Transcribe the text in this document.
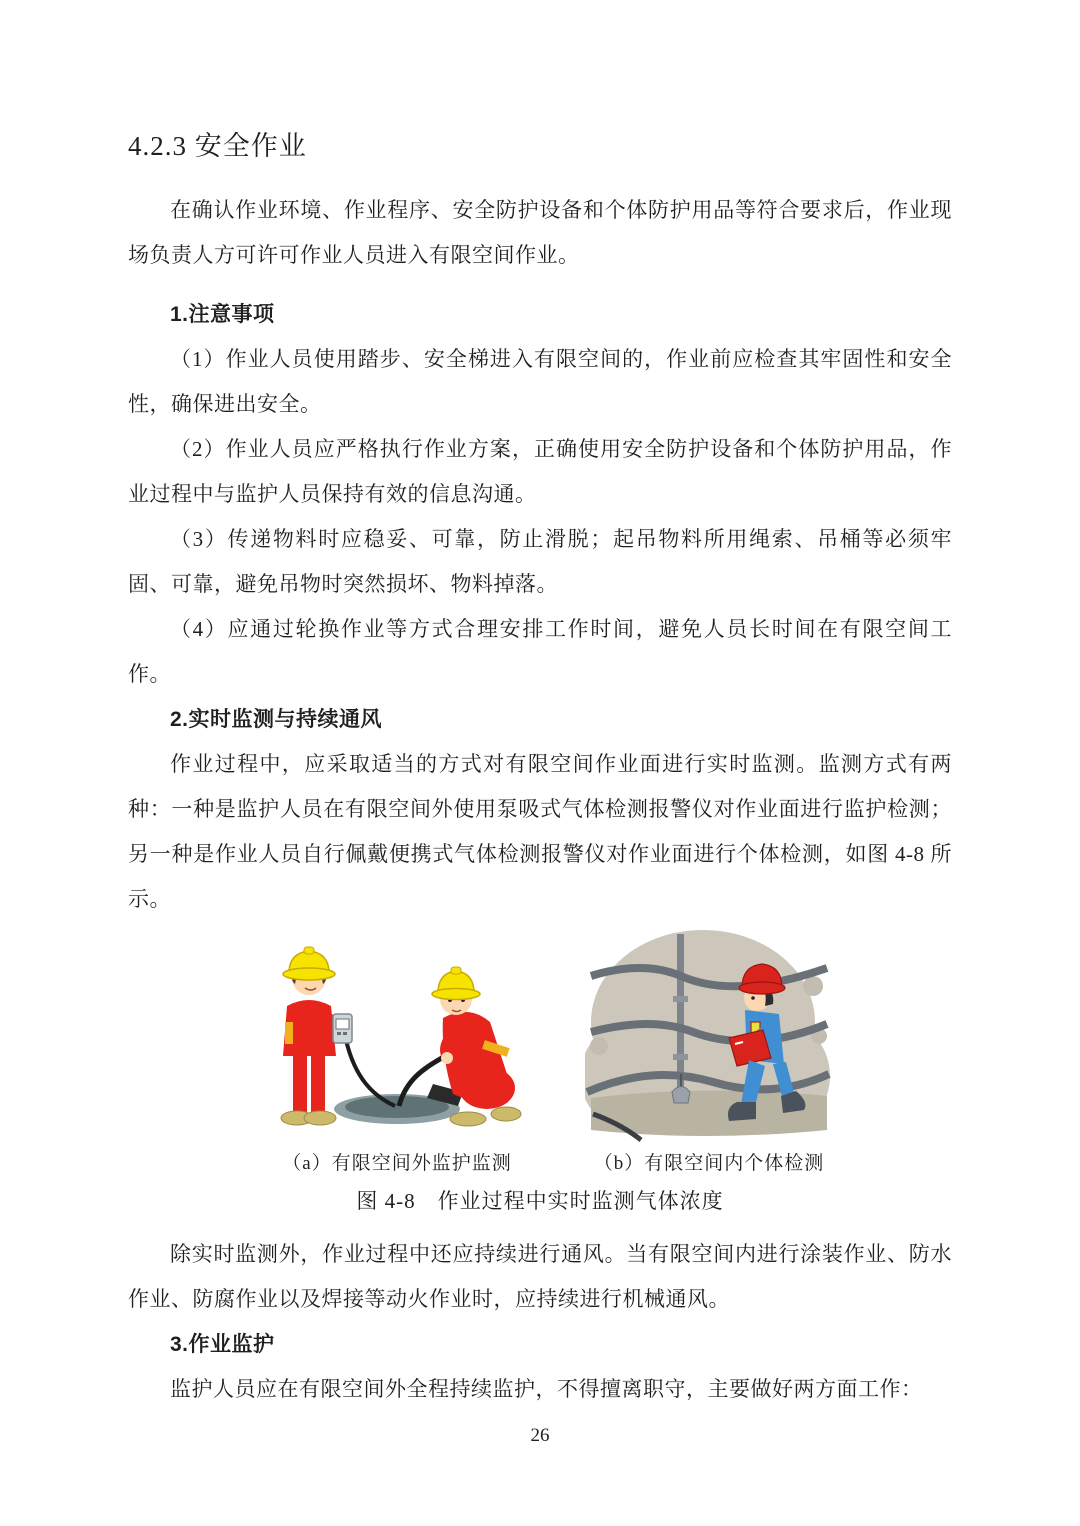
4.2.3 安全作业

在确认作业环境、作业程序、安全防护设备和个体防护用品等符合要求后，作业现场负责人方可许可作业人员进入有限空间作业。

1.注意事项

（1）作业人员使用踏步、安全梯进入有限空间的，作业前应检查其牢固性和安全性，确保进出安全。

（2）作业人员应严格执行作业方案，正确使用安全防护设备和个体防护用品，作业过程中与监护人员保持有效的信息沟通。

（3）传递物料时应稳妥、可靠，防止滑脱；起吊物料所用绳索、吊桶等必须牢固、可靠，避免吊物时突然损坏、物料掉落。

（4）应通过轮换作业等方式合理安排工作时间，避免人员长时间在有限空间工作。

2.实时监测与持续通风

作业过程中，应采取适当的方式对有限空间作业面进行实时监测。监测方式有两种：一种是监护人员在有限空间外使用泵吸式气体检测报警仪对作业面进行监护检测；另一种是作业人员自行佩戴便携式气体检测报警仪对作业面进行个体检测，如图 4-8 所示。

（a）有限空间外监护监测	（b）有限空间内个体检测
图 4-8　作业过程中实时监测气体浓度

除实时监测外，作业过程中还应持续进行通风。当有限空间内进行涂装作业、防水作业、防腐作业以及焊接等动火作业时，应持续进行机械通风。

3.作业监护

监护人员应在有限空间外全程持续监护，不得擅离职守，主要做好两方面工作：

26
